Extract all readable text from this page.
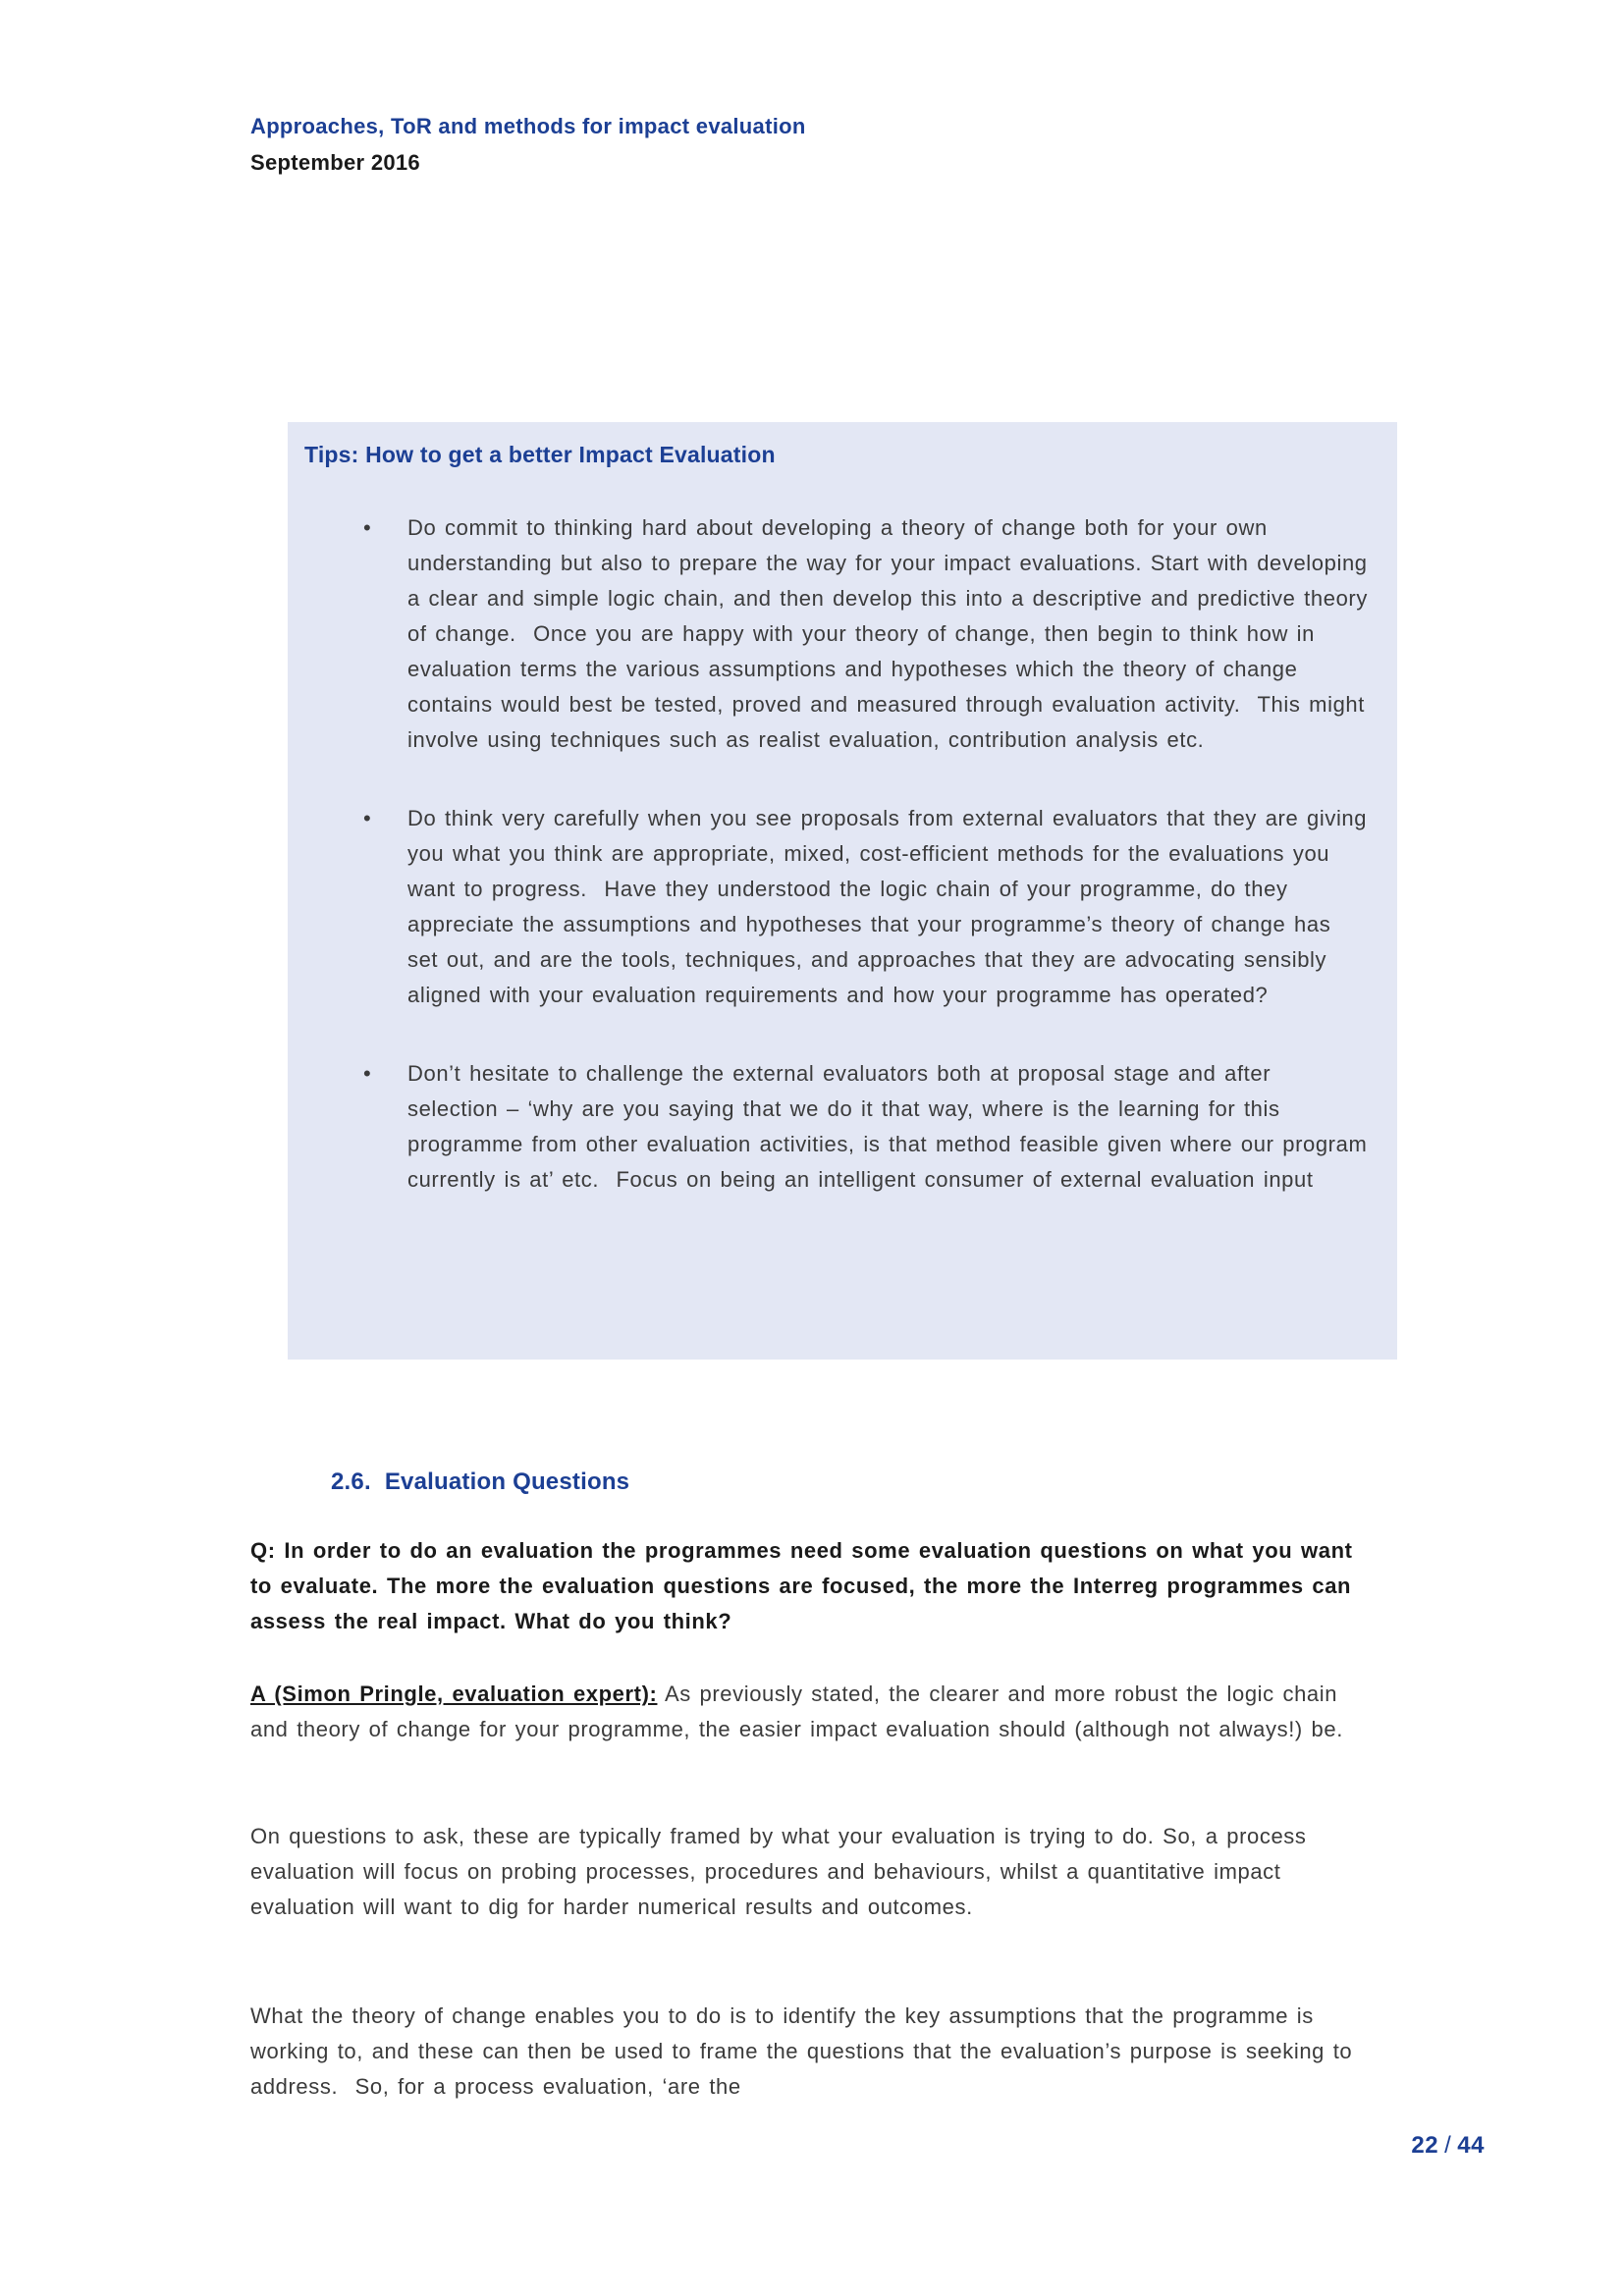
Approaches, ToR and methods for impact evaluation
September 2016
Tips: How to get a better Impact Evaluation
• Do commit to thinking hard about developing a theory of change both for your own understanding but also to prepare the way for your impact evaluations. Start with developing a clear and simple logic chain, and then develop this into a descriptive and predictive theory of change.  Once you are happy with your theory of change, then begin to think how in evaluation terms the various assumptions and hypotheses which the theory of change contains would best be tested, proved and measured through evaluation activity.  This might involve using techniques such as realist evaluation, contribution analysis etc.
• Do think very carefully when you see proposals from external evaluators that they are giving you what you think are appropriate, mixed, cost-efficient methods for the evaluations you want to progress.  Have they understood the logic chain of your programme, do they appreciate the assumptions and hypotheses that your programme’s theory of change has set out, and are the tools, techniques, and approaches that they are advocating sensibly aligned with your evaluation requirements and how your programme has operated?
• Don’t hesitate to challenge the external evaluators both at proposal stage and after selection – ‘why are you saying that we do it that way, where is the learning for this programme from other evaluation activities, is that method feasible given where our program currently is at’ etc.  Focus on being an intelligent consumer of external evaluation input
2.6. Evaluation Questions

Q: In order to do an evaluation the programmes need some evaluation questions on what you want to evaluate. The more the evaluation questions are focused, the more the Interreg programmes can assess the real impact. What do you think?

A (Simon Pringle, evaluation expert): As previously stated, the clearer and more robust the logic chain and theory of change for your programme, the easier impact evaluation should (although not always!) be.

On questions to ask, these are typically framed by what your evaluation is trying to do. So, a process evaluation will focus on probing processes, procedures and behaviours, whilst a quantitative impact evaluation will want to dig for harder numerical results and outcomes.

What the theory of change enables you to do is to identify the key assumptions that the programme is working to, and these can then be used to frame the questions that the evaluation’s purpose is seeking to address.  So, for a process evaluation, ‘are the

22 / 44
